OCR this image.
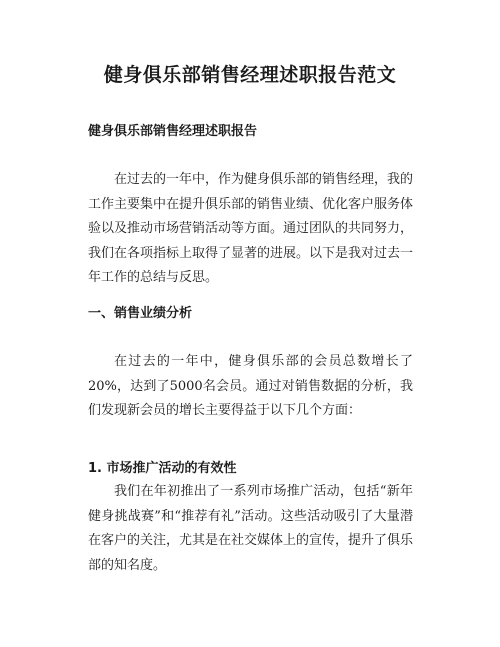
健身俱乐部销售经理述职报告范文
健身俱乐部销售经理述职报告

在过去的一年中，作为健身俱乐部的销售经理，我的工作主要集中在提升俱乐部的销售业绩、优化客户服务体验以及推动市场营销活动等方面。通过团队的共同努力，我们在各项指标上取得了显著的进展。以下是我对过去一年工作的总结与反思。

一、销售业绩分析

在过去的一年中，健身俱乐部的会员总数增长了20%，达到了5000名会员。通过对销售数据的分析，我们发现新会员的增长主要得益于以下几个方面：

1. 市场推广活动的有效性

我们在年初推出了一系列市场推广活动，包括“新年健身挑战赛”和“推荐有礼”活动。这些活动吸引了大量潜在客户的关注，尤其是在社交媒体上的宣传，提升了俱乐部的知名度。
